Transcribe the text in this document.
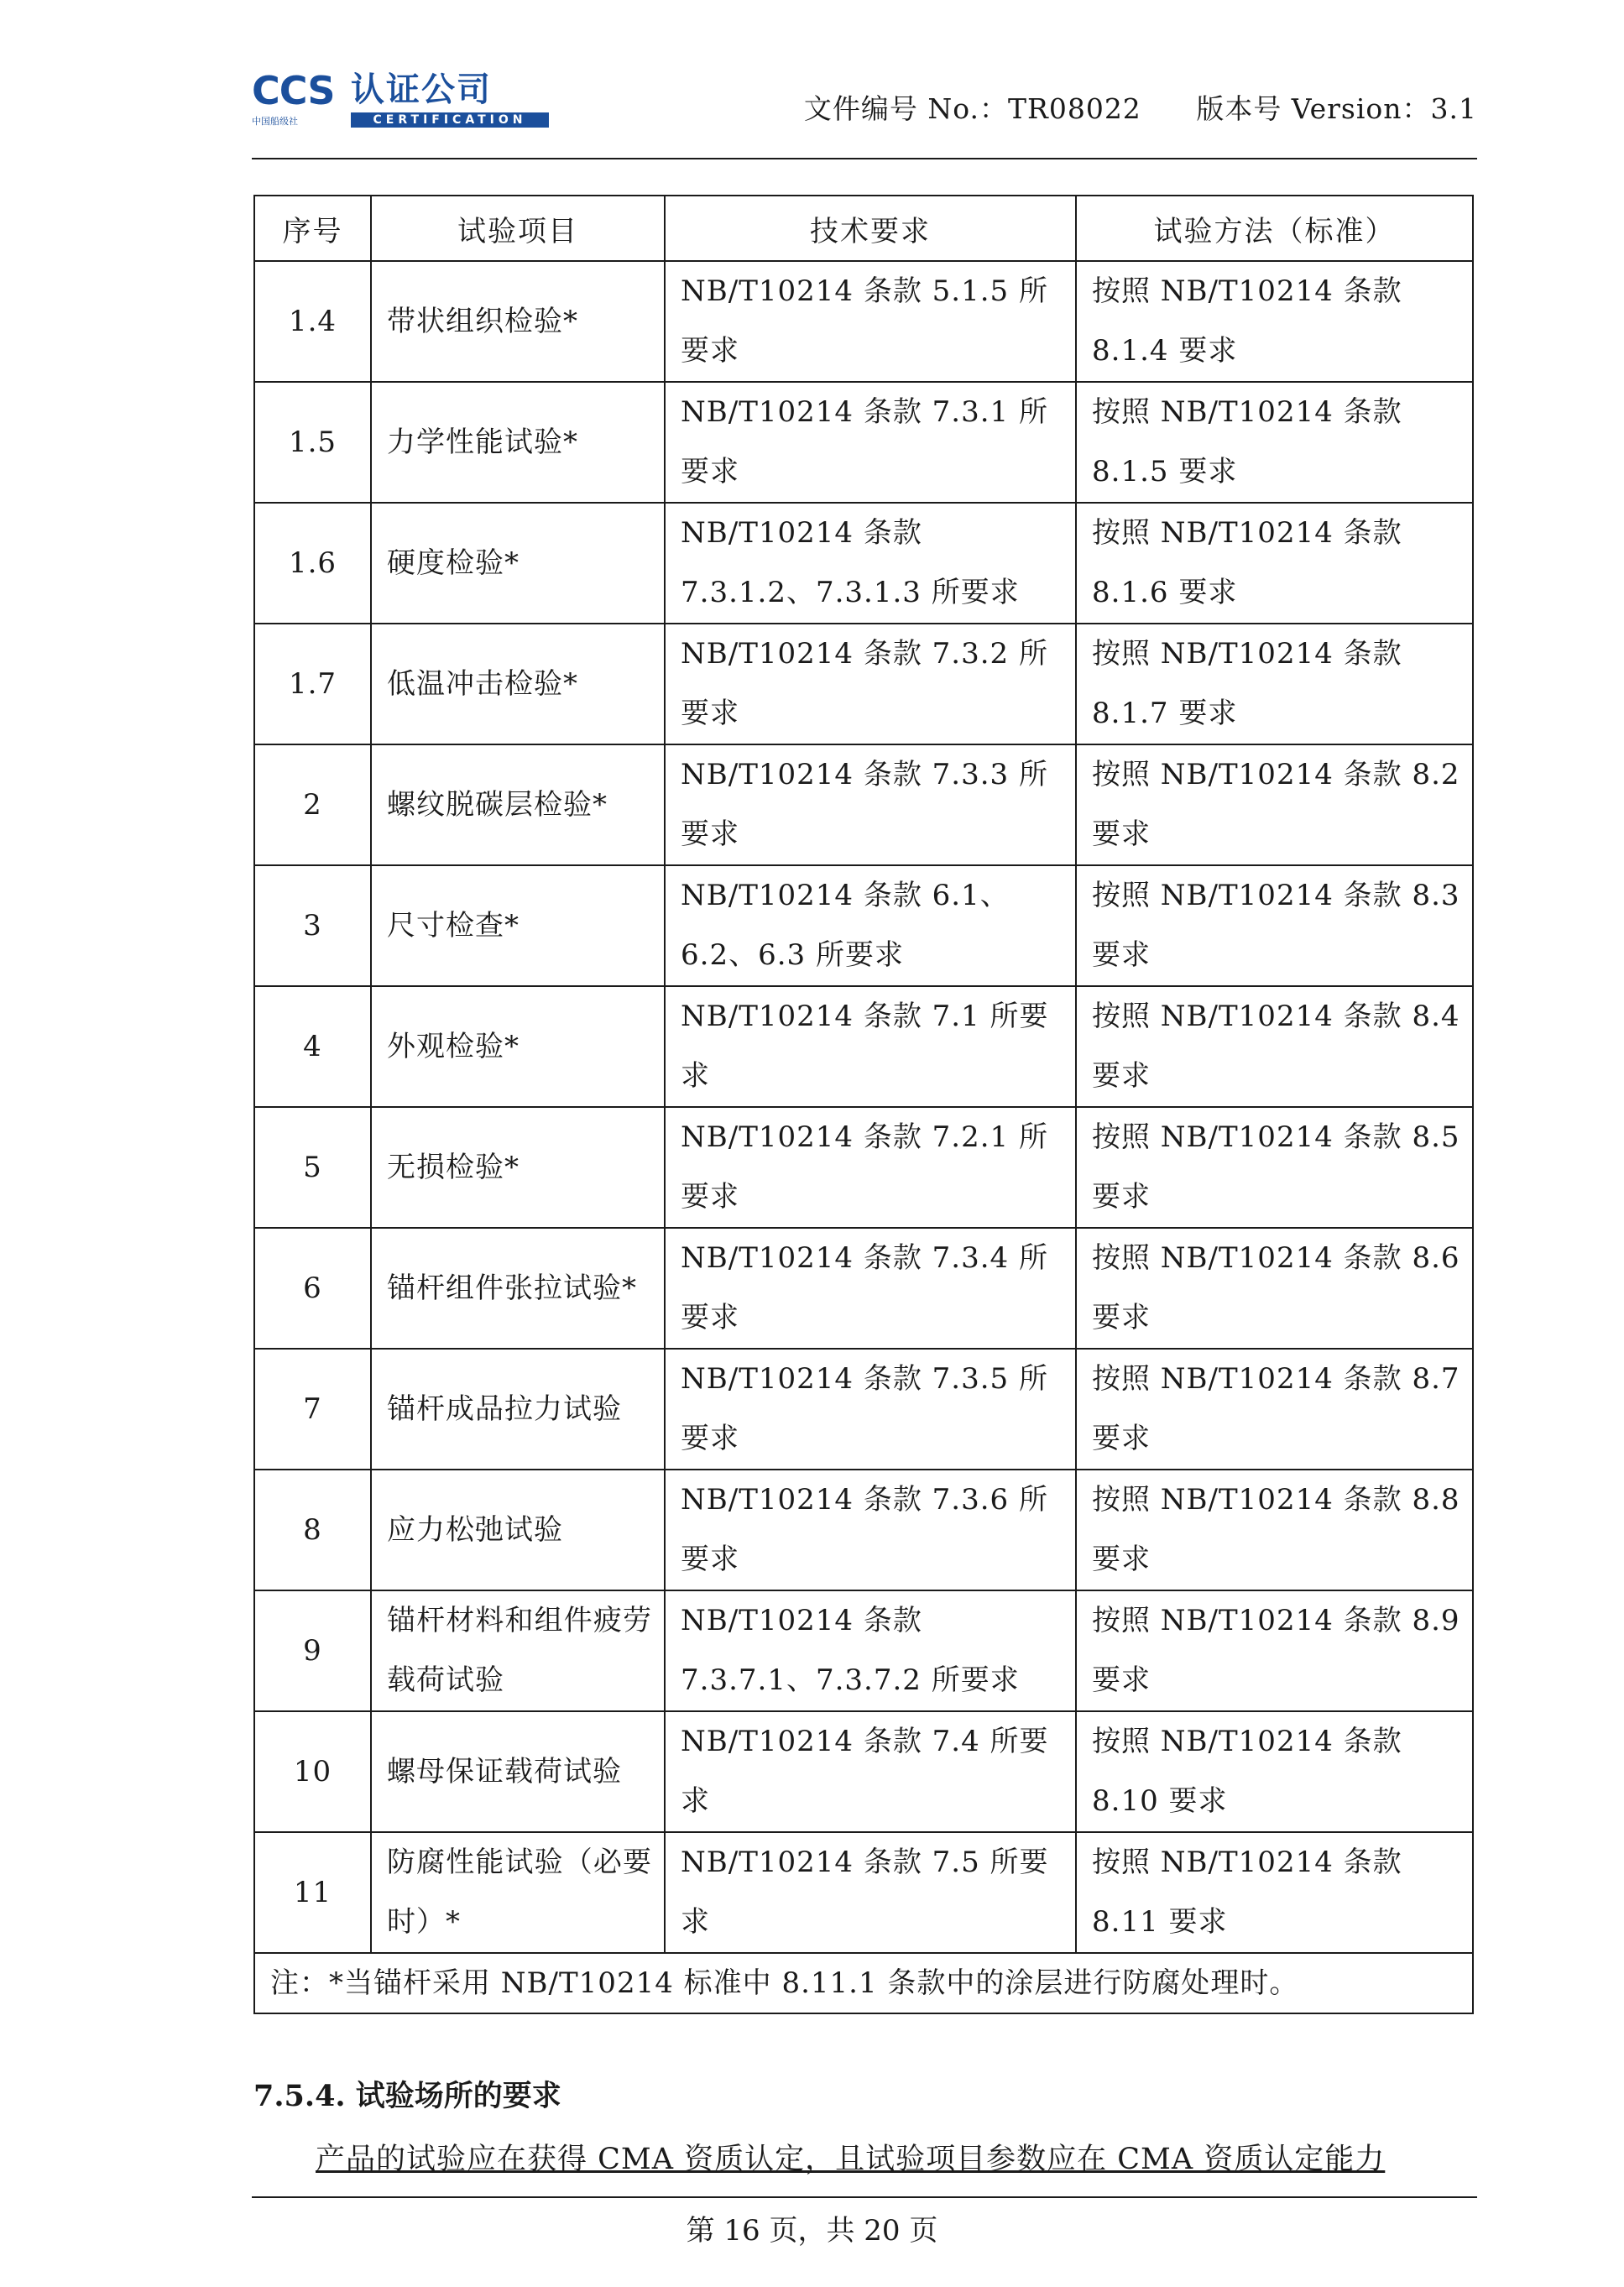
CCS 认证公司
中国船级社	CERTIFICATION	文件编号 No.：TR08022 版本号 Version：3.1
序号	试验项目	技术要求	试验方法（标准）
1.4	带状组织检验*	NB/T10214 条款 5.1.5 所要求	按照 NB/T10214 条款 8.1.4 要求
1.5	力学性能试验*	NB/T10214 条款 7.3.1 所要求	按照 NB/T10214 条款 8.1.5 要求
1.6	硬度检验*	NB/T10214 条款 7.3.1.2、7.3.1.3 所要求	按照 NB/T10214 条款 8.1.6 要求
1.7	低温冲击检验*	NB/T10214 条款 7.3.2 所要求	按照 NB/T10214 条款 8.1.7 要求
2	螺纹脱碳层检验*	NB/T10214 条款 7.3.3 所要求	按照 NB/T10214 条款 8.2 要求
3	尺寸检查*	NB/T10214 条款 6.1、6.2、6.3 所要求	按照 NB/T10214 条款 8.3 要求
4	外观检验*	NB/T10214 条款 7.1 所要求	按照 NB/T10214 条款 8.4 要求
5	无损检验*	NB/T10214 条款 7.2.1 所要求	按照 NB/T10214 条款 8.5 要求
6	锚杆组件张拉试验*	NB/T10214 条款 7.3.4 所要求	按照 NB/T10214 条款 8.6 要求
7	锚杆成品拉力试验	NB/T10214 条款 7.3.5 所要求	按照 NB/T10214 条款 8.7 要求
8	应力松弛试验	NB/T10214 条款 7.3.6 所要求	按照 NB/T10214 条款 8.8 要求
9	锚杆材料和组件疲劳载荷试验	NB/T10214 条款 7.3.7.1、7.3.7.2 所要求	按照 NB/T10214 条款 8.9 要求
10	螺母保证载荷试验	NB/T10214 条款 7.4 所要求	按照 NB/T10214 条款 8.10 要求
11	防腐性能试验（必要时）*	NB/T10214 条款 7.5 所要求	按照 NB/T10214 条款 8.11 要求
注：*当锚杆采用 NB/T10214 标准中 8.11.1 条款中的涂层进行防腐处理时。			
7.5.4. 试验场所的要求
产品的试验应在获得 CMA 资质认定，且试验项目参数应在 CMA 资质认定能力
第 16 页，共 20 页
